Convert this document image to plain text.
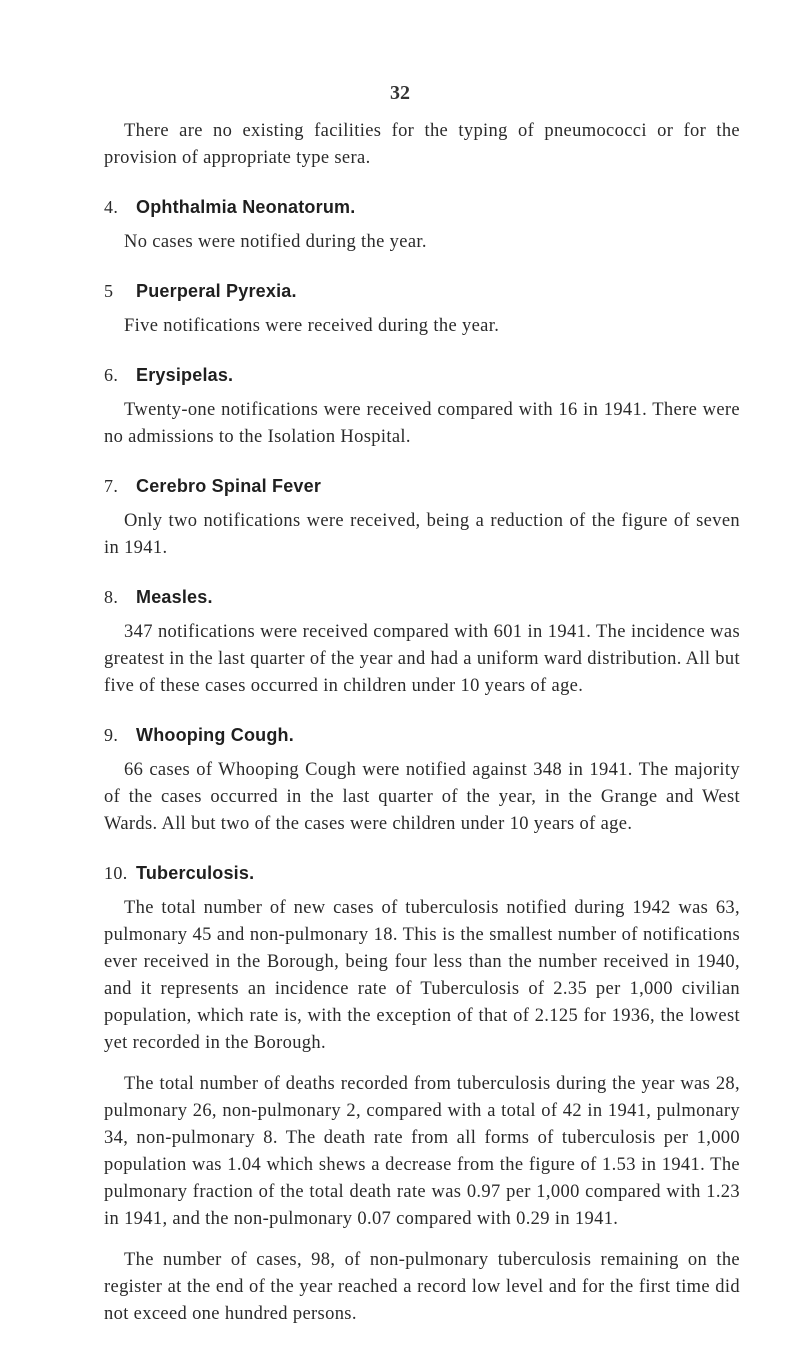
32

There are no existing facilities for the typing of pneumococci or for the provision of appropriate type sera.

4. Ophthalmia Neonatorum.

No cases were notified during the year.

5	Puerperal Pyrexia.

Five notifications were received during the year.

6. Erysipelas.

Twenty-one notifications were received compared with 16 in 1941. There were no admissions to the Isolation Hospital.

7. Cerebro Spinal Fever

Only two notifications were received, being a reduction of the figure of seven in 1941.

8. Measles.

347 notifications were received compared with 601 in 1941. The incidence was greatest in the last quarter of the year and had a uniform ward distribution. All but five of these cases occurred in children under 10 years of age.

9. Whooping Cough.

66 cases of Whooping Cough were notified against 348 in 1941. The majority of the cases occurred in the last quarter of the year, in the Grange and West Wards. All but two of the cases were children under 10 years of age.

10. Tuberculosis.

The total number of new cases of tuberculosis notified during 1942 was 63, pulmonary 45 and non-pulmonary 18. This is the smallest number of notifications ever received in the Borough, being four less than the number received in 1940, and it represents an incidence rate of Tuberculosis of 2.35 per 1,000 civilian population, which rate is, with the exception of that of 2.125 for 1936, the lowest yet recorded in the Borough.

The total number of deaths recorded from tuberculosis during the year was 28, pulmonary 26, non-pulmonary 2, compared with a total of 42 in 1941, pulmonary 34, non-pulmonary 8. The death rate from all forms of tuberculosis per 1,000 population was 1.04 which shews a decrease from the figure of 1.53 in 1941. The pulmonary fraction of the total death rate was 0.97 per 1,000 compared with 1.23 in 1941, and the non-pulmonary 0.07 compared with 0.29 in 1941.

The number of cases, 98, of non-pulmonary tuberculosis remaining on the register at the end of the year reached a record low level and for the first time did not exceed one hundred persons.
